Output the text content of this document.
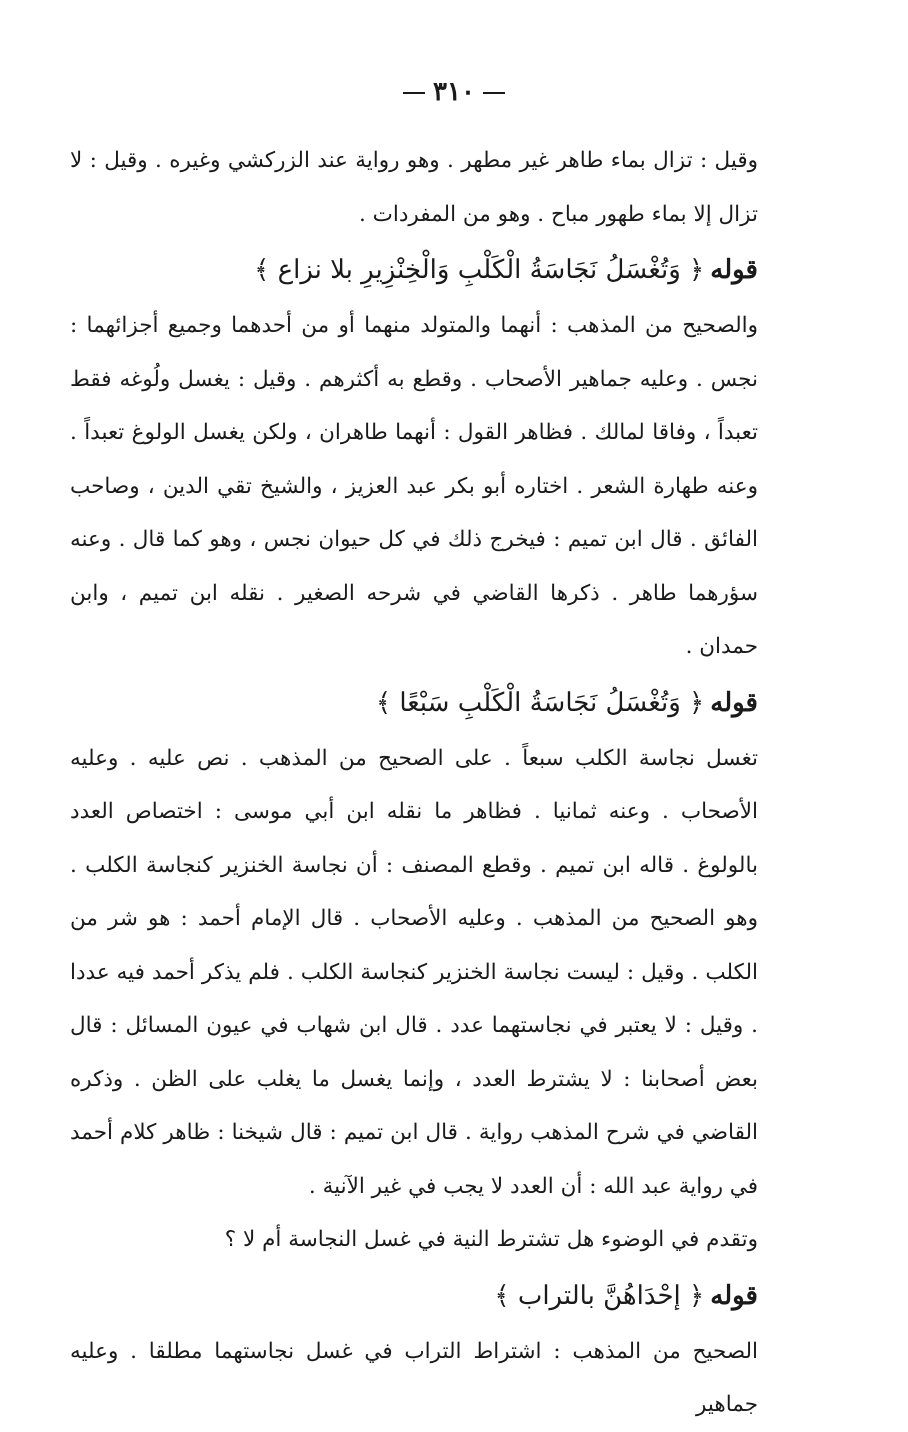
٣١٠

وقيل : تزال بماء طاهر غير مطهر . وهو رواية عند الزركشي وغيره . وقيل : لا تزال إلا بماء طهور مباح . وهو من المفردات .

قوله﴿ وَتُغْسَلُ نَجَاسَةُ الْكَلْبِ وَالْخِنْزِيرِ بلا نزاع ﴾

والصحيح من المذهب : أنهما والمتولد منهما أو من أحدهما وجميع أجزائهما : نجس . وعليه جماهير الأصحاب . وقطع به أكثرهم . وقيل : يغسل ولُوغه فقط تعبداً ، وفاقا لمالك . فظاهر القول : أنهما طاهران ، ولكن يغسل الولوغ تعبداً . وعنه طهارة الشعر . اختاره أبو بكر عبد العزيز ، والشيخ تقي الدين ، وصاحب الفائق . قال ابن تميم : فيخرج ذلك في كل حيوان نجس ، وهو كما قال . وعنه سؤرهما طاهر . ذكرها القاضي في شرحه الصغير . نقله ابن تميم ، وابن حمدان .

قوله﴿ وَتُغْسَلُ نَجَاسَةُ الْكَلْبِ سَبْعًا ﴾

تغسل نجاسة الكلب سبعاً . على الصحيح من المذهب . نص عليه . وعليه الأصحاب . وعنه ثمانيا . فظاهر ما نقله ابن أبي موسى : اختصاص العدد بالولوغ . قاله ابن تميم . وقطع المصنف : أن نجاسة الخنزير كنجاسة الكلب . وهو الصحيح من المذهب . وعليه الأصحاب . قال الإمام أحمد : هو شر من الكلب . وقيل : ليست نجاسة الخنزير كنجاسة الكلب . فلم يذكر أحمد فيه عددا . وقيل : لا يعتبر في نجاستهما عدد . قال ابن شهاب في عيون المسائل : قال بعض أصحابنا : لا يشترط العدد ، وإنما يغسل ما يغلب على الظن . وذكره القاضي في شرح المذهب رواية . قال ابن تميم : قال شيخنا : ظاهر كلام أحمد في رواية عبد الله : أن العدد لا يجب في غير الآنية .

وتقدم في الوضوء هل تشترط النية في غسل النجاسة أم لا ؟

قوله﴿ إحْدَاهُنَّ بالتراب ﴾

الصحيح من المذهب : اشتراط التراب في غسل نجاستهما مطلقا . وعليه جماهير
